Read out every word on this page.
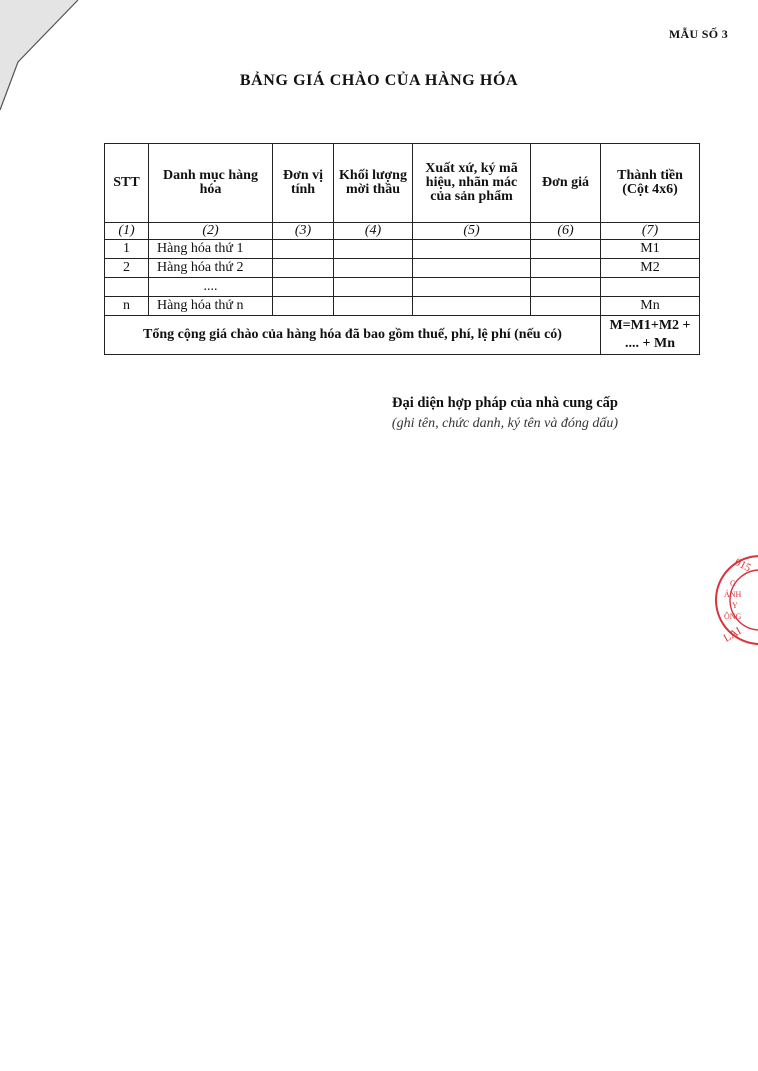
MẪU SỐ 3
BẢNG GIÁ CHÀO CỦA HÀNG HÓA
STT	Danh mục hàng hóa	Đơn vị tính	Khối lượng mời thầu	Xuất xứ, ký mã hiệu, nhãn mác của sản phẩm	Đơn giá	Thành tiền (Cột 4x6)
(1)	(2)	(3)	(4)	(5)	(6)	(7)
1	Hàng hóa thứ 1					M1
2	Hàng hóa thứ 2					M2
	....					
n	Hàng hóa thứ n					Mn
Tổng cộng giá chào của hàng hóa đã bao gồm thuế, phí, lệ phí (nếu có)						M=M1+M2 + .... + Mn
Đại diện hợp pháp của nhà cung cấp
(ghi tên, chức danh, ký tên và đóng dấu)
015
G
ÁNH
Y
ỘNG
LAI
